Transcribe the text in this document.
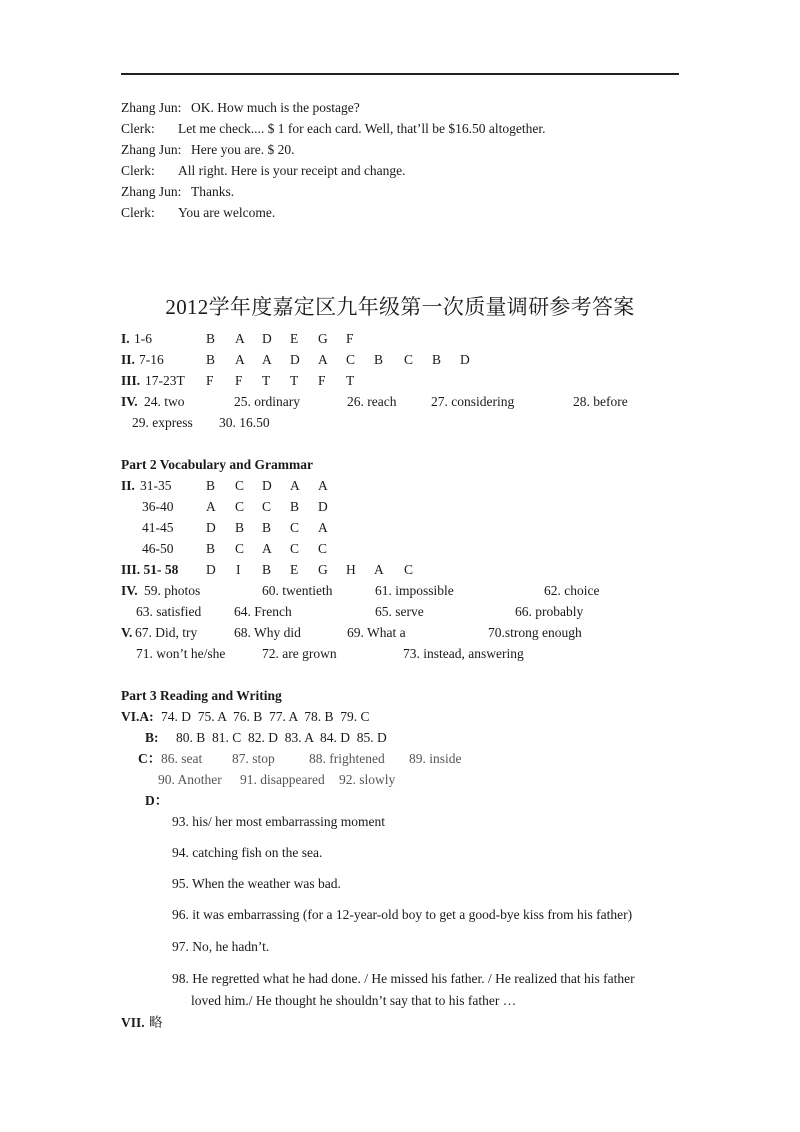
Zhang Jun: OK. How much is the postage?
Clerk: Let me check.... $ 1 for each card. Well, that’ll be $16.50 altogether.
Zhang Jun: Here you are. $ 20.
Clerk: All right. Here is your receipt and change.
Zhang Jun: Thanks.
Clerk: You are welcome.
2012学年度嘉定区九年级第一次质量调研参考答案
I. 1-6	B A D E G F
II. 7-16	B A A D A C B C B D
III. 17-23T F F T T F T
IV. 24. two	25. ordinary	26. reach	27. considering	28. before
29. express 30. 16.50
Part 2 Vocabulary and Grammar
II. 31-35	B C D A A
36-40 A C C B D
41-45 D B B C A
46-50 B C A C C
III. 51- 58 D I B E G H A C
IV. 59. photos	60. twentieth	61. impossible	62. choice
63. satisfied 64. French	65. serve	66. probably
V. 67. Did, try	68. Why did	69. What a	70.strong enough
71. won’t he/she	72. are grown	73. instead, answering
Part 3 Reading and Writing
VI.A: 74. D  75. A  76. B  77. A  78. B  79. C
B: 80. B  81. C  82. D  83. A  84. D  85. D
C： 86. seat 87. stop	88. frightened 89. inside
90. Another 91. disappeared 92. slowly
D：
93. his/ her most embarrassing moment
94. catching fish on the sea.
95. When the weather was bad.
96. it was embarrassing (for a 12-year-old boy to get a good-bye kiss from his father)
97. No, he hadn’t.
98. He regretted what he had done. / He missed his father. / He realized that his father
loved him./ He thought he shouldn’t say that to his father …
VII. 略
